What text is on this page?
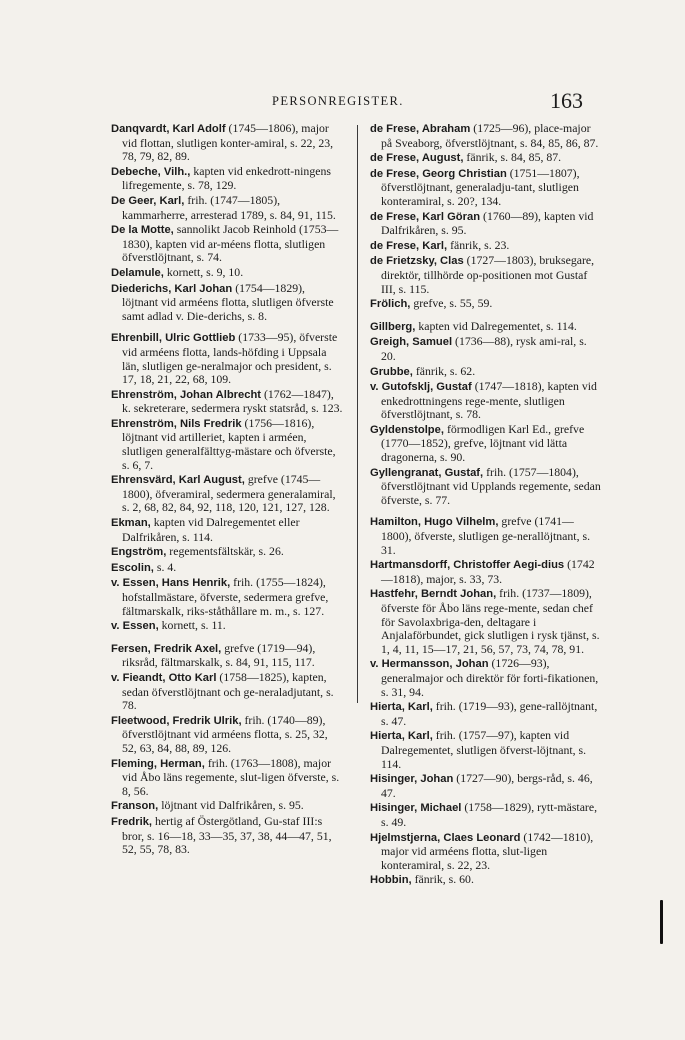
PERSONREGISTER.	163
Danqvardt, Karl Adolf (1745—1806), major vid flottan, slutligen konter-amiral, s. 22, 23, 78, 79, 82, 89.
Debeche, Vilh., kapten vid enkedrott-ningens lifregemente, s. 78, 129.
De Geer, Karl, frih. (1747—1805), kammarherre, arresterad 1789, s. 84, 91, 115.
De la Motte, sannolikt Jacob Reinhold (1753—1830), kapten vid ar-méens flotta, slutligen öfverstlöjtnant, s. 74.
Delamule, kornett, s. 9, 10.
Diederichs, Karl Johan (1754—1829), löjtnant vid arméens flotta, slutligen öfverste samt adlad v. Die-derichs, s. 8.
Ehrenbill, Ulric Gottlieb (1733—95), öfverste vid arméens flotta, lands-höfding i Uppsala län, slutligen ge-neralmajor och president, s. 17, 18, 21, 22, 68, 109.
Ehrenström, Johan Albrecht (1762—1847), k. sekreterare, sedermera ryskt statsråd, s. 123.
Ehrenström, Nils Fredrik (1756—1816), löjtnant vid artilleriet, kapten i arméen, slutligen generalfälttyg-mästare och öfverste, s. 6, 7.
Ehrensvärd, Karl August, grefve (1745—1800), öfveramiral, sedermera generalamiral, s. 2, 68, 82, 84, 92, 118, 120, 121, 127, 128.
Ekman, kapten vid Dalregementet eller Dalfrikåren, s. 114.
Engström, regementsfältskär, s. 26.
Escolin, s. 4.
v. Essen, Hans Henrik, frih. (1755—1824), hofstallmästare, öfverste, sedermera grefve, fältmarskalk, riks-ståthållare m. m., s. 127.
v. Essen, kornett, s. 11.
Fersen, Fredrik Axel, grefve (1719—94), riksråd, fältmarskalk, s. 84, 91, 115, 117.
v. Fieandt, Otto Karl (1758—1825), kapten, sedan öfverstlöjtnant och ge-neraladjutant, s. 78.
Fleetwood, Fredrik Ulrik, frih. (1740—89), öfverstlöjtnant vid arméens flotta, s. 25, 32, 52, 63, 84, 88, 89, 126.
Fleming, Herman, frih. (1763—1808), major vid Åbo läns regemente, slut-ligen öfverste, s. 8, 56.
Franson, löjtnant vid Dalfrikåren, s. 95.
Fredrik, hertig af Östergötland, Gu-staf III:s bror, s. 16—18, 33—35, 37, 38, 44—47, 51, 52, 55, 78, 83.
de Frese, Abraham (1725—96), place-major på Sveaborg, öfverstlöjtnant, s. 84, 85, 86, 87.
de Frese, August, fänrik, s. 84, 85, 87.
de Frese, Georg Christian (1751—1807), öfverstlöjtnant, generaladju-tant, slutligen konteramiral, s. 20?, 134.
de Frese, Karl Göran (1760—89), kapten vid Dalfrikåren, s. 95.
de Frese, Karl, fänrik, s. 23.
de Frietzsky, Clas (1727—1803), bruksegare, direktör, tillhörde op-positionen mot Gustaf III, s. 115.
Frölich, grefve, s. 55, 59.
Gillberg, kapten vid Dalregementet, s. 114.
Greigh, Samuel (1736—88), rysk ami-ral, s. 20.
Grubbe, fänrik, s. 62.
v. Gutofsklj, Gustaf (1747—1818), kapten vid enkedrottningens rege-mente, slutligen öfverstlöjtnant, s. 78.
Gyldenstolpe, förmodligen Karl Ed., grefve (1770—1852), grefve, löjtnant vid lätta dragonerna, s. 90.
Gyllengranat, Gustaf, frih. (1757—1804), öfverstlöjtnant vid Upplands regemente, sedan öfverste, s. 77.
Hamilton, Hugo Vilhelm, grefve (1741—1800), öfverste, slutligen ge-nerallöjtnant, s. 31.
Hartmansdorff, Christoffer Aegi-dius (1742—1818), major, s. 33, 73.
Hastfehr, Berndt Johan, frih. (1737—1809), öfverste för Åbo läns rege-mente, sedan chef för Savolaxbriga-den, deltagare i Anjalaförbundet, gick slutligen i rysk tjänst, s. 1, 4, 11, 15—17, 21, 56, 57, 73, 74, 78, 91.
v. Hermansson, Johan (1726—93), generalmajor och direktör för forti-fikationen, s. 31, 94.
Hierta, Karl, frih. (1719—93), gene-rallöjtnant, s. 47.
Hierta, Karl, frih. (1757—97), kapten vid Dalregementet, slutligen öfverst-löjtnant, s. 114.
Hisinger, Johan (1727—90), bergs-råd, s. 46, 47.
Hisinger, Michael (1758—1829), rytt-mästare, s. 49.
Hjelmstjerna, Claes Leonard (1742—1810), major vid arméens flotta, slut-ligen konteramiral, s. 22, 23.
Hobbin, fänrik, s. 60.
